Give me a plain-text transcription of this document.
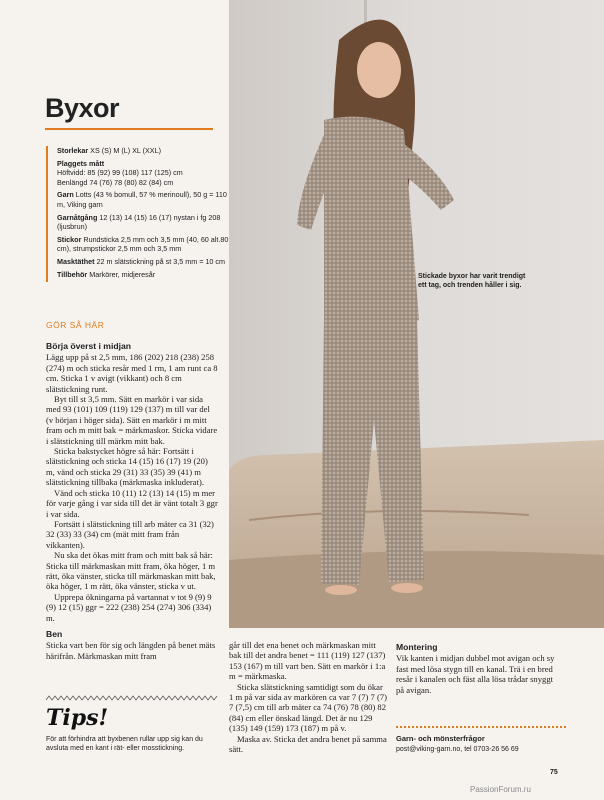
Byxor
Storlekar XS (S) M (L) XL (XXL)
Plaggets mått
Höftvidd: 85 (92) 99 (108) 117 (125) cm
Benlängd 74 (76) 78 (80) 82 (84) cm
Garn Lotts (43 % bomull, 57 % merinoull), 50 g = 110 m, Viking garn
Garnåtgång 12 (13) 14 (15) 16 (17) nystan i fg 208 (ljusbrun)
Stickor Rundsticka 2,5 mm och 3,5 mm (40, 60 alt.80 cm), strumpstickor 2,5 mm och 3,5 mm
Masktäthet 22 m slätstickning på st 3,5 mm = 10 cm
Tillbehör Markörer, midjeresår
GÖR SÅ HÄR
Börja överst i midjan

Lägg upp på st 2,5 mm, 186 (202) 218 (238) 258 (274) m och sticka resår med 1 rm, 1 am runt ca 8 cm. Sticka 1 v avigt (vikkant) och 8 cm slätstickning runt.

Byt till st 3,5 mm. Sätt en markör i var sida med 93 (101) 109 (119) 129 (137) m till var del (v början i höger sida). Sätt en markör i m mitt fram och m mitt bak = märkmaskor. Sticka vidare i slätstickning till märkm mitt bak.

Sticka bakstycket högre så här: Fortsätt i slätstickning och sticka 14 (15) 16 (17) 19 (20) m, vänd och sticka 29 (31) 33 (35) 39 (41) m slätstickning tillbaka (märkmaska inkluderat).

Vänd och sticka 10 (11) 12 (13) 14 (15) m mer för varje gång i var sida till det är vänt totalt 3 ggr i var sida.

Fortsätt i slätstickning till arb mäter ca 31 (32) 32 (33) 33 (34) cm (mät mitt fram från vikkanten).

Nu ska det ökas mitt fram och mitt bak så här: Sticka till märkmaskan mitt fram, öka höger, 1 m rätt, öka vänster, sticka till märkmaskan mitt bak, öka höger, 1 m rätt, öka vänster, sticka v ut.

Upprepa ökningarna på vartannat v tot 9 (9) 9 (9) 12 (15) ggr = 222 (238) 254 (274) 306 (334) m.

Ben

Sticka vart ben för sig och längden på benet mäts härifrån. Märkmaskan mitt fram

går till det ena benet och märkmaskan mitt bak till det andra benet = 111 (119) 127 (137) 153 (167) m till vart ben. Sätt en markör i 1:a m = märkmaska.

Sticka slätstickning samtidigt som du ökar 1 m på var sida av markören ca var 7 (7) 7 (7) 7 (7,5) cm till arb mäter ca 74 (76) 78 (80) 82 (84) cm eller önskad längd. Det är nu 129 (135) 149 (159) 173 (187) m på v.

Maska av. Sticka det andra benet på samma sätt.

Montering

Vik kanten i midjan dubbel mot avigan och sy fast med lösa stygn till en kanal. Trä i en bred resår i kanalen och fäst alla lösa trådar snyggt på avigan.

Stickade byxor har varit trendigt ett tag, och trenden håller i sig.
Tips!
För att förhindra att byxbenen rullar upp sig kan du avsluta med en kant i rät- eller mosstickning.
Garn- och mönsterfrågor
post@viking-garn.no, tel 0703-26 56 69
75
PassionForum.ru
